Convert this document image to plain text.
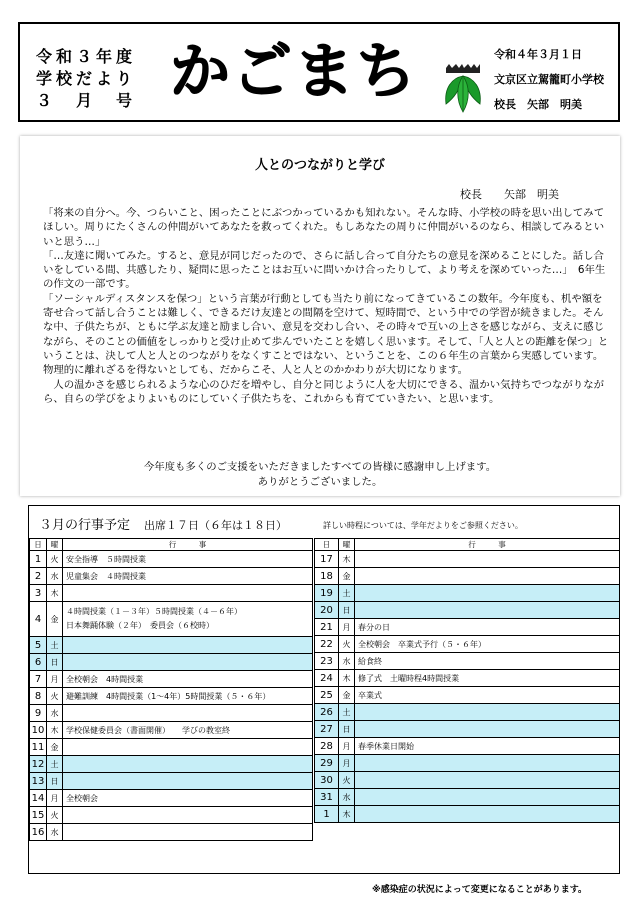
令和３年度
学校だより
３　月　号 かごまち	令和４年３月１日
文京区立駕籠町小学校
校長　矢部　明美
人とのつながりと学び
校長　　矢部　明美

「将来の自分へ。今、つらいこと、困ったことにぶつかっているかも知れない。そんな時、小学校の時を思い出してみてほしい。周りにたくさんの仲間がいてあなたを救ってくれた。もしあなたの周りに仲間がいるのなら、相談してみるといいと思う…」

「…友達に聞いてみた。すると、意見が同じだったので、さらに話し合って自分たちの意見を深めることにした。話し合いをしている間、共感したり、疑問に思ったことはお互いに問いかけ合ったりして、より考えを深めていった…」　6年生の作文の一部です。

「ソーシャルディスタンスを保つ」という言葉が行動としても当たり前になってきているこの数年。今年度も、机や額を寄せ合って話し合うことは難しく、できるだけ友達との間隔を空けて、短時間で、という中での学習が続きました。そんな中、子供たちが、ともに学ぶ友達と励まし合い、意見を交わし合い、その時々で互いの上さを感じながら、支えに感じながら、そのことの価値をしっかりと受け止めて歩んでいたことを嬉しく思います。そして、「人と人との距離を保つ」ということは、決して人と人とのつながりをなくすことではない、ということを、この６年生の言葉から実感しています。物理的に離れざるを得ないとしても、だからこそ、人と人とのかかわりが大切になります。

　人の温かさを感じられるような心のひだを増やし、自分と同じように人を大切にできる、温かい気持ちでつながりながら、自らの学びをよりよいものにしていく子供たちを、これからも育てていきたい、と思います。

今年度も多くのご支援をいただきましたすべての皆様に感謝申し上げます。
ありがとうございました。
３月の行事予定 出席１７日（６年は１８日）	詳しい時程については、学年だよりをご参照ください。
日	曜	行　　　事
1	火	安全指導　５時間授業

2	水	児童集会　４時間授業

3	木	

4	金	４時間授業（１－３年）５時間授業（４－６年）
日本舞踊体験（２年）　委員会（６校時）

5	土	

6	日	

7	月	全校朝会　4時間授業

8	火	避難訓練　4時間授業（1～4年）5時間授業（５・６年）

9	水	

10	木	学校保健委員会（書面開催）　　学びの教室終

11	金	

12	土	

13	日	

14	月	全校朝会

15	火	

16	水	
日	曜	行　　　事
17	木	

18	金	

19	土	

20	日	

21	月	春分の日

22	火	全校朝会　卒業式予行（５・６年）

23	水	給食終

24	木	修了式　土曜時程4時間授業

25	金	卒業式

26	土	

27	日	

28	月	春季休業日開始

29	月	

30	火	

31	水	

1	木	
※感染症の状況によって変更になることがあります。
